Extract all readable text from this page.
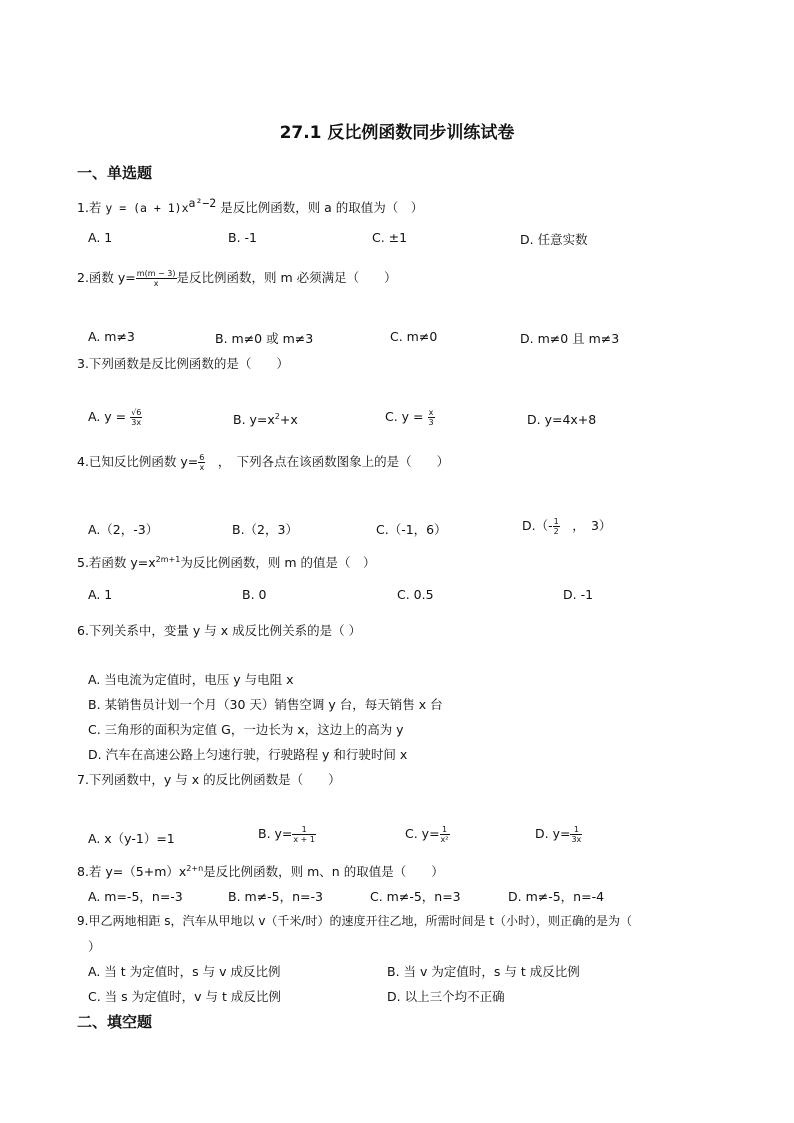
27.1 反比例函数同步训练试卷
一、单选题
1.若 $y = (a + 1)x^{a^2-2}$ 是反比例函数，则 a 的取值为（　）
A. 1	B. -1	C. ±1	D. 任意实数
2.函数 $y= \frac{m(m - 3)}{x}$ 是反比例函数，则 m 必须满足（　　）
A. m≠3	B. m≠0 或 m≠3	C. m≠0	D. m≠0 且 m≠3
3.下列函数是反比例函数的是（　　）
A. $y = \frac{√6}{3x}$	B. $y=x^2+x$	C. $y = \frac{x}{3}$	D. y=4x+8
4.已知反比例函数 $y= \frac{6}{x}$ 　，　下列各点在该函数图象上的是（　　）
A.（2，-3）	B.（2，3）	C.（-1，6）	$D.(- \frac{1}{2}$ 　，　3）
5.若函数 $y=x^{2m+1}$为反比例函数，则 m 的值是（　）
A. 1	B. 0	C. 0.5	D. -1
6.下列关系中，变量 y 与 x 成反比例关系的是（ ）
A. 当电流为定值时，电压 y 与电阻 x
B. 某销售员计划一个月（30 天）销售空调 y 台，每天销售 x 台
C. 三角形的面积为定值 G，一边长为 x，这边上的高为 y
D. 汽车在高速公路上匀速行驶，行驶路程 y 和行驶时间 x
7.下列函数中，y 与 x 的反比例函数是（　　）
A. x（y-1）=1	B. $y= \frac{1}{x + 1}$	C. $y= \frac{1}{\text{x²}}$	D. $y= \frac{1}{3x}$
8.若 $y=(5+m)x^{2+n}$是反比例函数，则 m、n 的取值是（　　）
A. m=-5，n=-3	B. m≠-5，n=-3	C. m≠-5，n=3	D. m≠-5，n=-4
9.甲乙两地相距 s，汽车从甲地以 v（千米/时）的速度开往乙地，所需时间是 t（小时），则正确的是为（
）
A. 当 t 为定值时，s 与 v 成反比例	B. 当 v 为定值时，s 与 t 成反比例
C. 当 s 为定值时，v 与 t 成反比例	D. 以上三个均不正确
二、填空题
